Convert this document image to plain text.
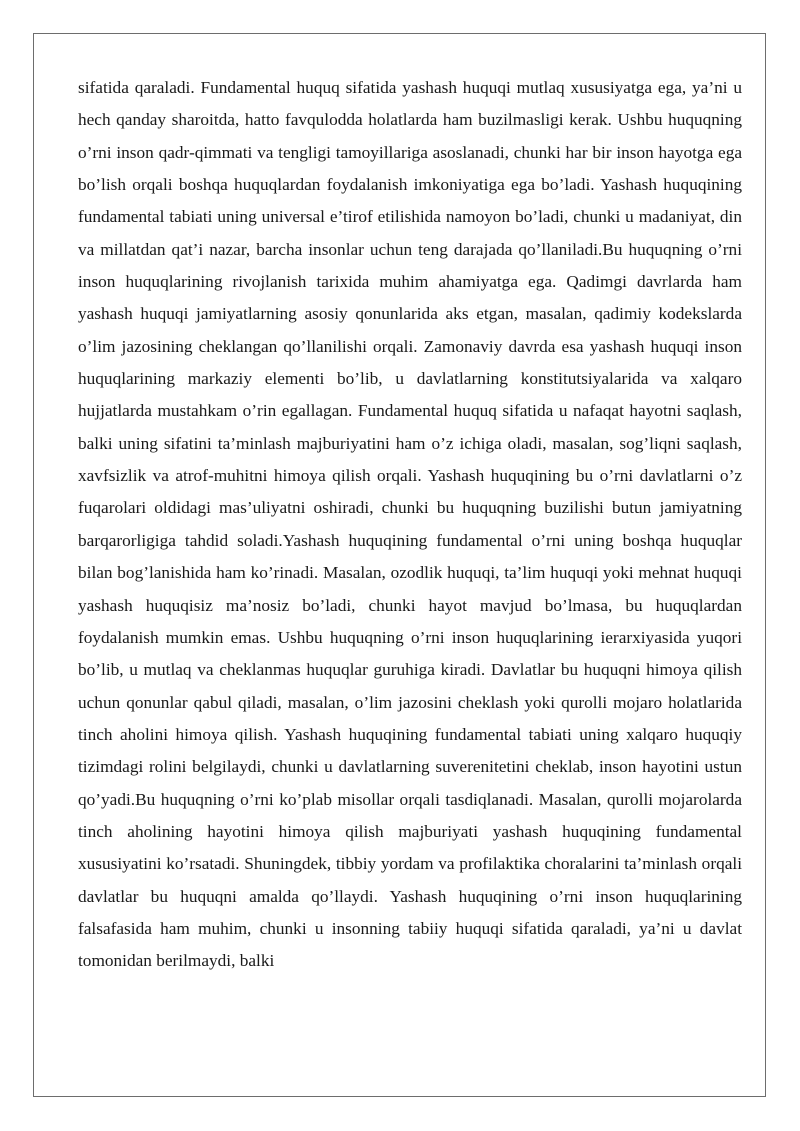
sifatida qaraladi. Fundamental huquq sifatida yashash huquqi mutlaq xususiyatga ega, ya’ni u hech qanday sharoitda, hatto favqulodda holatlarda ham buzilmasligi kerak. Ushbu huquqning o’rni inson qadr-qimmati va tengligi tamoyillariga asoslanadi, chunki har bir inson hayotga ega bo’lish orqali boshqa huquqlardan foydalanish imkoniyatiga ega bo’ladi. Yashash huquqining fundamental tabiati uning universal e’tirof etilishida namoyon bo’ladi, chunki u madaniyat, din va millatdan qat’i nazar, barcha insonlar uchun teng darajada qo’llaniladi.Bu huquqning o’rni inson huquqlarining rivojlanish tarixida muhim ahamiyatga ega. Qadimgi davrlarda ham yashash huquqi jamiyatlarning asosiy qonunlarida aks etgan, masalan, qadimiy kodekslarda o’lim jazosining cheklangan qo’llanilishi orqali. Zamonaviy davrda esa yashash huquqi inson huquqlarining markaziy elementi bo’lib, u davlatlarning konstitutsiyalarida va xalqaro hujjatlarda mustahkam o’rin egallagan. Fundamental huquq sifatida u nafaqat hayotni saqlash, balki uning sifatini ta’minlash majburiyatini ham o’z ichiga oladi, masalan, sog’liqni saqlash, xavfsizlik va atrof-muhitni himoya qilish orqali. Yashash huquqining bu o’rni davlatlarni o’z fuqarolari oldidagi mas’uliyatni oshiradi, chunki bu huquqning buzilishi butun jamiyatning barqarorligiga tahdid soladi.Yashash huquqining fundamental o’rni uning boshqa huquqlar bilan bog’lanishida ham ko’rinadi. Masalan, ozodlik huquqi, ta’lim huquqi yoki mehnat huquqi yashash huquqisiz ma’nosiz bo’ladi, chunki hayot mavjud bo’lmasa, bu huquqlardan foydalanish mumkin emas. Ushbu huquqning o’rni inson huquqlarining ierarxiyasida yuqori bo’lib, u mutlaq va cheklanmas huquqlar guruhiga kiradi. Davlatlar bu huquqni himoya qilish uchun qonunlar qabul qiladi, masalan, o’lim jazosini cheklash yoki qurolli mojaro holatlarida tinch aholini himoya qilish. Yashash huquqining fundamental tabiati uning xalqaro huquqiy tizimdagi rolini belgilaydi, chunki u davlatlarning suverenitetini cheklab, inson hayotini ustun qo’yadi.Bu huquqning o’rni ko’plab misollar orqali tasdiqlanadi. Masalan, qurolli mojarolarda tinch aholining hayotini himoya qilish majburiyati yashash huquqining fundamental xususiyatini ko’rsatadi. Shuningdek, tibbiy yordam va profilaktika choralarini ta’minlash orqali davlatlar bu huquqni amalda qo’llaydi. Yashash huquqining o’rni inson huquqlarining falsafasida ham muhim, chunki u insonning tabiiy huquqi sifatida qaraladi, ya’ni u davlat tomonidan berilmaydi, balki
